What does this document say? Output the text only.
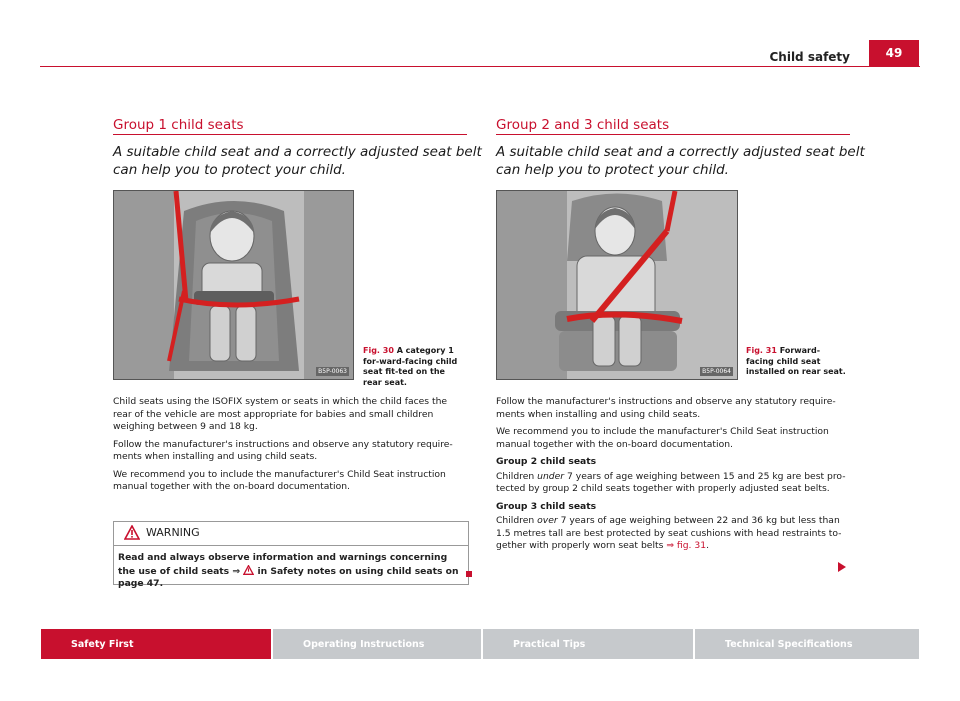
Child safety	49
Group 1 child seats
A suitable child seat and a correctly adjusted seat belt can help you to protect your child.
B5P-0063
Fig. 30 A category 1 for-ward-facing child seat fit-ted on the rear seat.

Child seats using the ISOFIX system or seats in which the child faces the rear of the vehicle are most appropriate for babies and small children weighing between 9 and 18 kg.

Follow the manufacturer's instructions and observe any statutory require-ments when installing and using child seats.

We recommend you to include the manufacturer's Child Seat instruction manual together with the on-board documentation.

WARNING
Read and always observe information and warnings concerning the use of child seats ⇒ in Safety notes on using child seats on page 47.
Group 2 and 3 child seats
A suitable child seat and a correctly adjusted seat belt can help you to protect your child.
B5P-0064
Fig. 31 Forward-facing child seat installed on rear seat.

Follow the manufacturer's instructions and observe any statutory require-ments when installing and using child seats.

We recommend you to include the manufacturer's Child Seat instruction manual together with the on-board documentation.

Group 2 child seats

Children under 7 years of age weighing between 15 and 25 kg are best pro-tected by group 2 child seats together with properly adjusted seat belts.

Group 3 child seats

Children over 7 years of age weighing between 22 and 36 kg but less than 1.5 metres tall are best protected by seat cushions with head restraints to-gether with properly worn seat belts ⇒ fig. 31.

Safety First	Operating Instructions	Practical Tips	Technical Specifications
